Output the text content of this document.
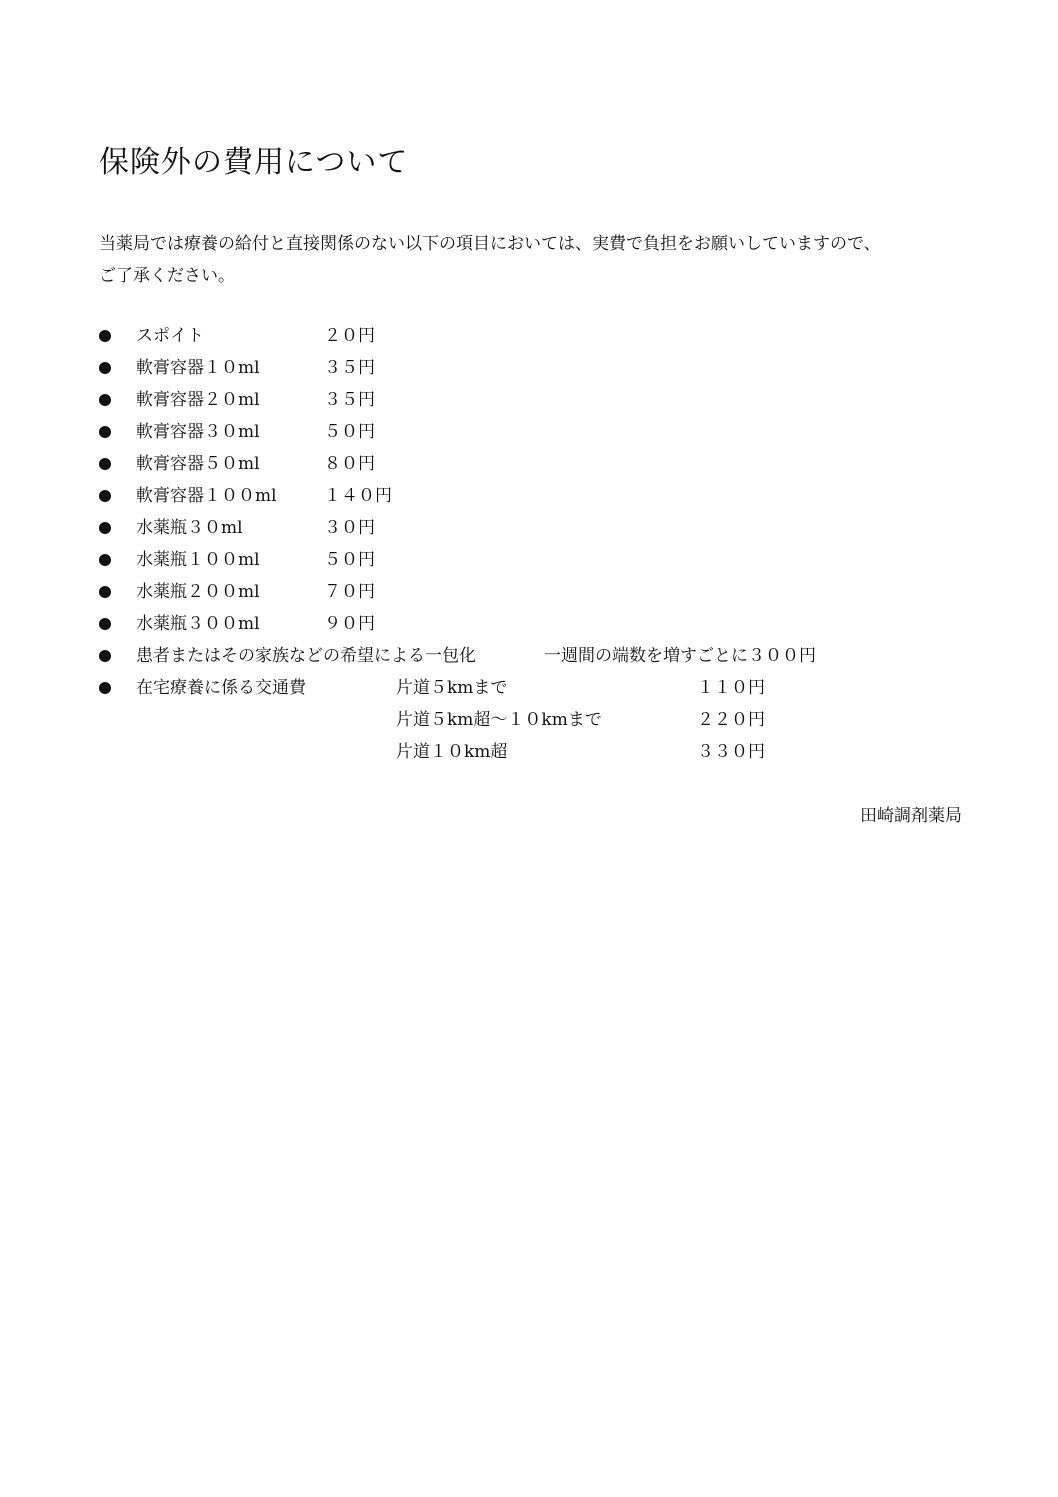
保険外の費用について

当薬局では療養の給付と直接関係のない以下の項目においては、実費で負担をお願いしていますので、

ご了承ください。

スポイト	２０円
軟膏容器１０ml	３５円
軟膏容器２０ml	３５円
軟膏容器３０ml	５０円
軟膏容器５０ml	８０円
軟膏容器１００ml	１４０円
水薬瓶３０ml	３０円
水薬瓶１００ml	５０円
水薬瓶２００ml	７０円
水薬瓶３００ml	９０円
患者またはその家族などの希望による一包化	一週間の端数を増すごとに３００円
在宅療養に係る交通費	片道５kmまで	１１０円
片道５km超～１０kmまで	２２０円
片道１０km超	３３０円
田崎調剤薬局
